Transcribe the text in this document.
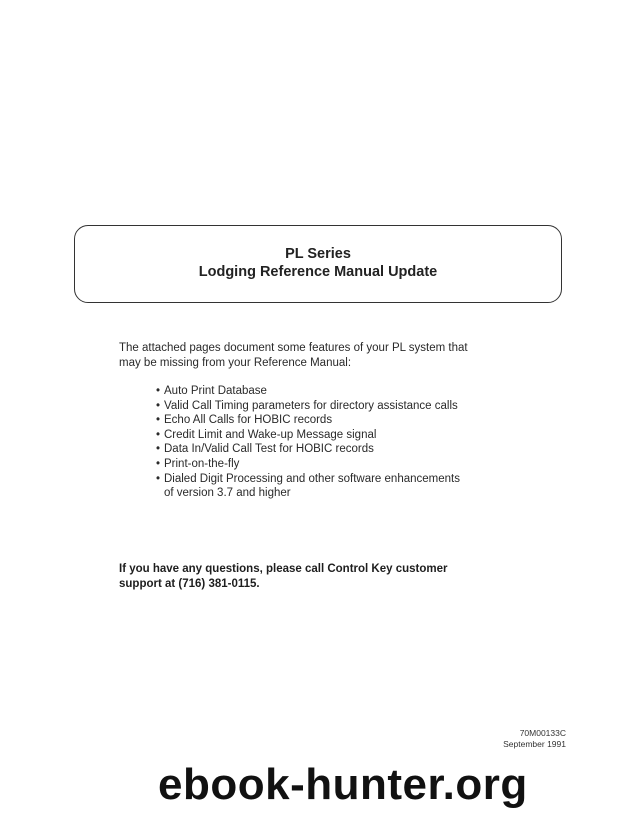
PL Series
Lodging Reference Manual Update
The attached pages document some features of your PL system that
may be missing from your Reference Manual:
• Auto Print Database
• Valid Call Timing parameters for directory assistance calls
• Echo All Calls for HOBIC records
• Credit Limit and Wake-up Message signal
• Data In/Valid Call Test for HOBIC records
• Print-on-the-fly
• Dialed Digit Processing and other software enhancements
of version 3.7 and higher
If you have any questions, please call Control Key customer
support at (716) 381-0115.
70M00133C
September 1991
ebook-hunter.org
